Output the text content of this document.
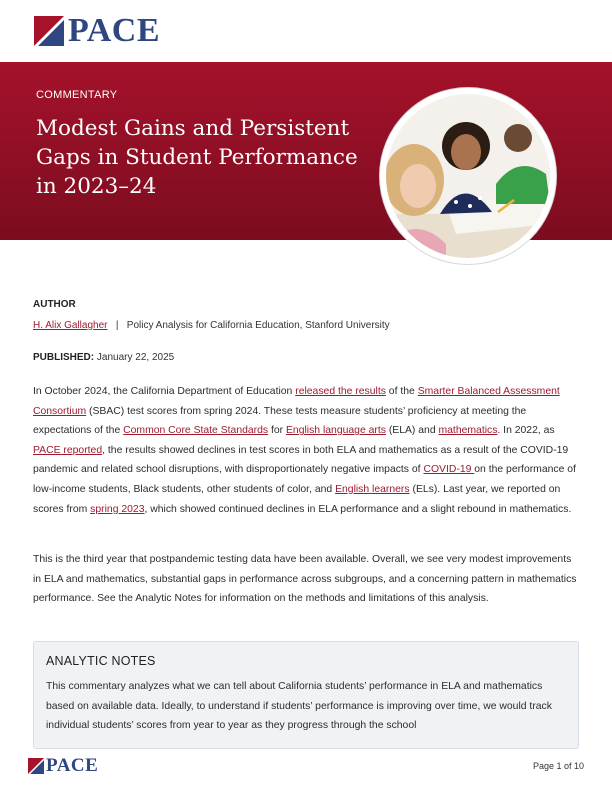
PACE
COMMENTARY
Modest Gains and Persistent Gaps in Student Performance in 2023–24
AUTHOR
H. Alix Gallagher | Policy Analysis for California Education, Stanford University
PUBLISHED: January 22, 2025
In October 2024, the California Department of Education released the results of the Smarter Balanced Assessment Consortium (SBAC) test scores from spring 2024. These tests measure students’ proficiency at meeting the expectations of the Common Core State Standards for English language arts (ELA) and mathematics. In 2022, as PACE reported, the results showed declines in test scores in both ELA and mathematics as a result of the COVID-19 pandemic and related school disruptions, with disproportionately negative impacts of COVID-19 on the performance of low-income students, Black students, other students of color, and English learners (ELs). Last year, we reported on scores from spring 2023, which showed continued declines in ELA performance and a slight rebound in mathematics.
This is the third year that postpandemic testing data have been available. Overall, we see very modest improvements in ELA and mathematics, substantial gaps in performance across subgroups, and a concerning pattern in mathematics performance. See the Analytic Notes for information on the methods and limitations of this analysis.
ANALYTIC NOTES
This commentary analyzes what we can tell about California students’ performance in ELA and mathematics based on available data. Ideally, to understand if students’ performance is improving over time, we would track individual students’ scores from year to year as they progress through the school
PACE	Page 1 of 10
